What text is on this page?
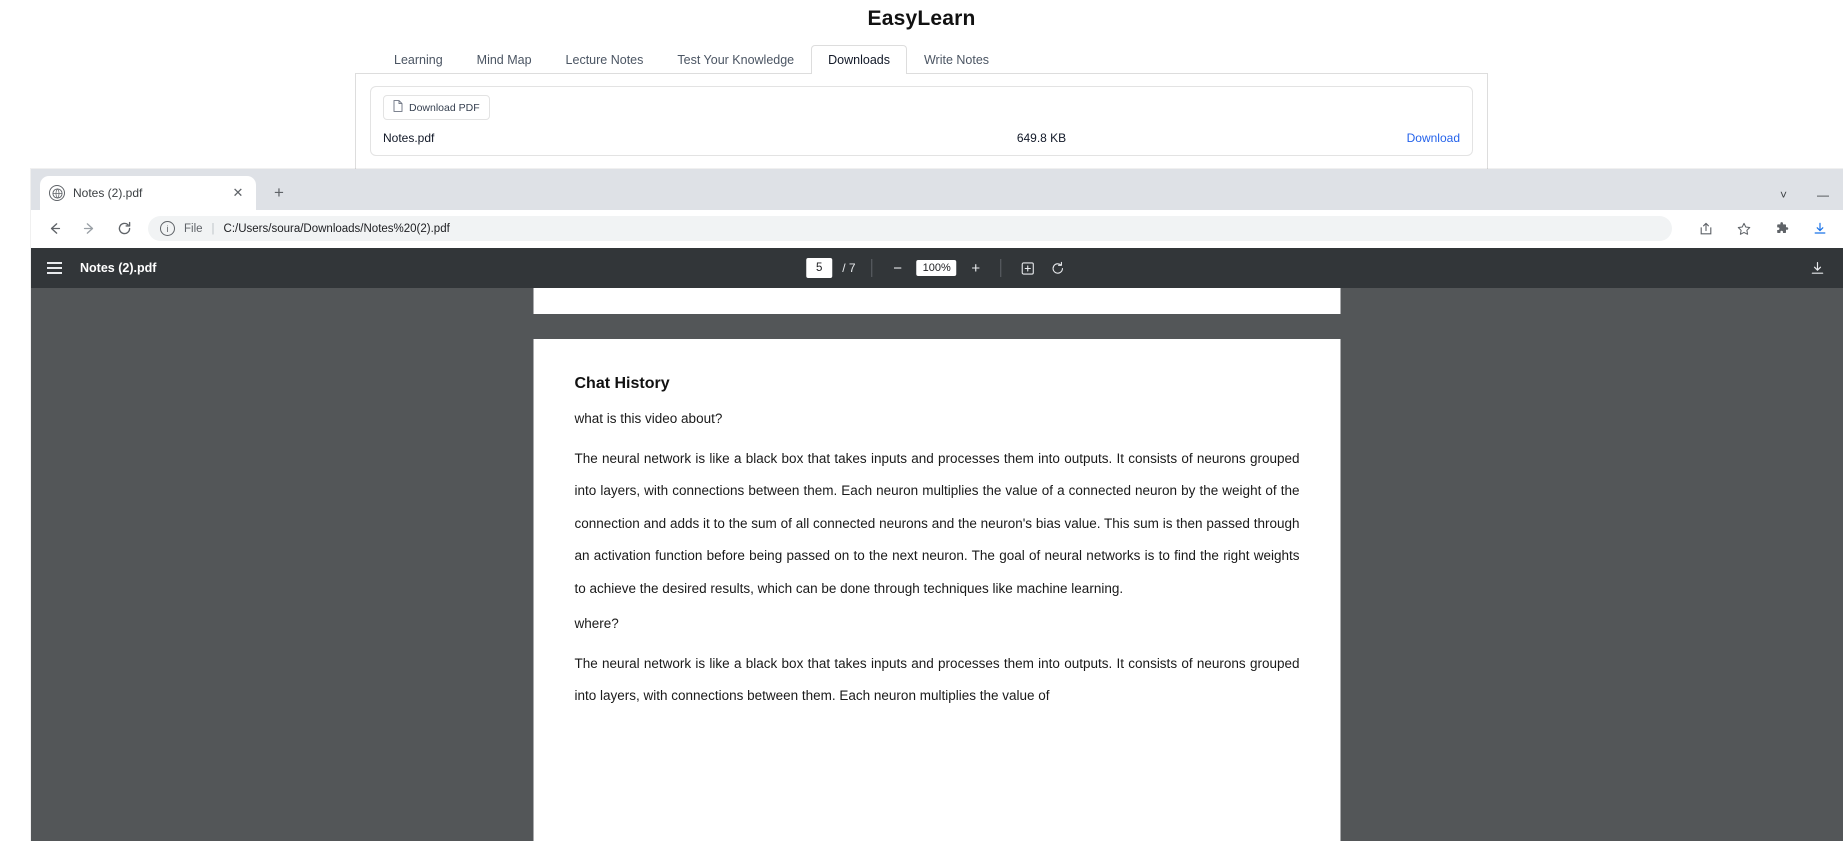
EasyLearn
Learning	Mind Map	Lecture Notes	Test Your Knowledge	Downloads	Write Notes
Download PDF
Notes.pdf	649.8 KB	Download
Notes (2).pdf	✕	+	˅	—
i	File | C:/Users/soura/Downloads/Notes%20(2).pdf
Notes (2).pdf
5	/ 7	−	100%	+
Chat History
what is this video about?
The neural network is like a black box that takes inputs and processes them into outputs. It consists of neurons grouped into layers, with connections between them. Each neuron multiplies the value of a connected neuron by the weight of the connection and adds it to the sum of all connected neurons and the neuron's bias value. This sum is then passed through an activation function before being passed on to the next neuron. The goal of neural networks is to find the right weights to achieve the desired results, which can be done through techniques like machine learning.
where?
The neural network is like a black box that takes inputs and processes them into outputs. It consists of neurons grouped into layers, with connections between them. Each neuron multiplies the value of
